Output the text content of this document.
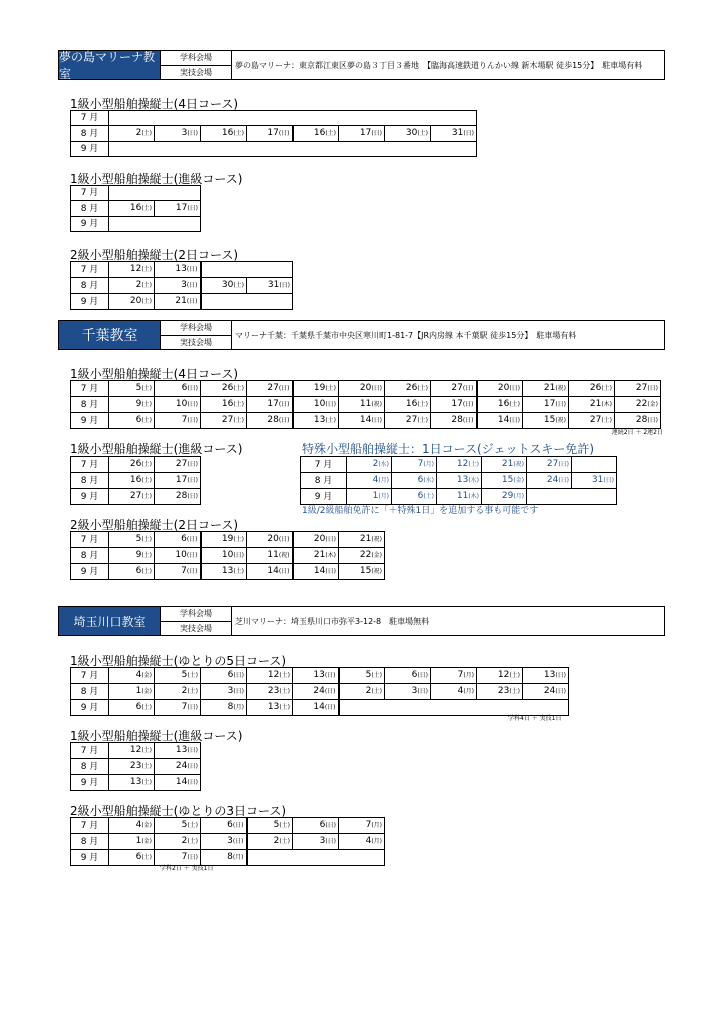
夢の島マリーナ教室
学科会場
実技会場
夢の島マリーナ：東京都江東区夢の島３丁目３番地　【臨海高速鉄道りんかい線 新木場駅 徒歩15分】　駐車場有料
1級小型船舶操縦士(4日コース)
7 月								
8 月	2(土)	3(日)	16(土)	17(日)	16(土)	17(日)	30(土)	31(日)
9 月								
1級小型船舶操縦士(進級コース)
7 月		
8 月	16(土)	17(日)
9 月		
2級小型船舶操縦士(2日コース)
7 月	12(土)	13(日)		
8 月	2(土)	3(日)	30(土)	31(日)
9 月	20(土)	21(日)		
千葉教室
学科会場
実技会場
マリーナ千葉：千葉県千葉市中央区寒川町1-81-7【JR内房線 本千葉駅 徒歩15分】　駐車場有料
1級小型船舶操縦士(4日コース)
7 月	5(土)	6(日)	26(土)	27(日)	19(土)	20(日)	26(土)	27(日)	20(日)	21(祝)	26(土)	27(日)
8 月	9(土)	10(日)	16(土)	17(日)	10(日)	11(祝)	16(土)	17(日)	16(土)	17(日)	21(木)	22(金)
9 月	6(土)	7(日)	27(土)	28(日)	13(土)	14(日)	27(土)	28(日)	14(日)	15(祝)	27(土)	28(日)
連続2日 ＋ 2連2日
1級小型船舶操縦士(進級コース)
7 月	26(土)	27(日)
8 月	16(土)	17(日)
9 月	27(土)	28(日)
特殊小型船舶操縦士：1日コース(ジェットスキー免許)
7 月	2(水)	7(月)	12(土)	21(祝)	27(日)	
8 月	4(月)	6(水)	13(水)	15(金)	24(日)	31(日)
9 月	1(月)	6(土)	11(木)	29(月)		
1級/2級船舶免許に「＋特殊1日」を追加する事も可能です
2級小型船舶操縦士(2日コース)
7 月	5(土)	6(日)	19(土)	20(日)	20(日)	21(祝)
8 月	9(土)	10(日)	10(日)	11(祝)	21(木)	22(金)
9 月	6(土)	7(日)	13(土)	14(日)	14(日)	15(祝)
埼玉川口教室
学科会場
実技会場
芝川マリーナ：埼玉県川口市弥平3-12-8　駐車場無料
1級小型船舶操縦士(ゆとりの5日コース)
7 月	4(金)	5(土)	6(日)	12(土)	13(日)	5(土)	6(日)	7(月)	12(土)	13(日)
8 月	1(金)	2(土)	3(日)	23(土)	24(日)	2(土)	3(日)	4(月)	23(土)	24(日)
9 月	6(土)	7(日)	8(月)	13(土)	14(日)					
学科4日 ＋ 実技1日
1級小型船舶操縦士(進級コース)
7 月	12(土)	13(日)
8 月	23(土)	24(日)
9 月	13(土)	14(日)
2級小型船舶操縦士(ゆとりの3日コース)
7 月	4(金)	5(土)	6(日)	5(土)	6(日)	7(月)
8 月	1(金)	2(土)	3(日)	2(土)	3(日)	4(月)
9 月	6(土)	7(日)	8(月)			
学科2日 ＋ 実技1日
